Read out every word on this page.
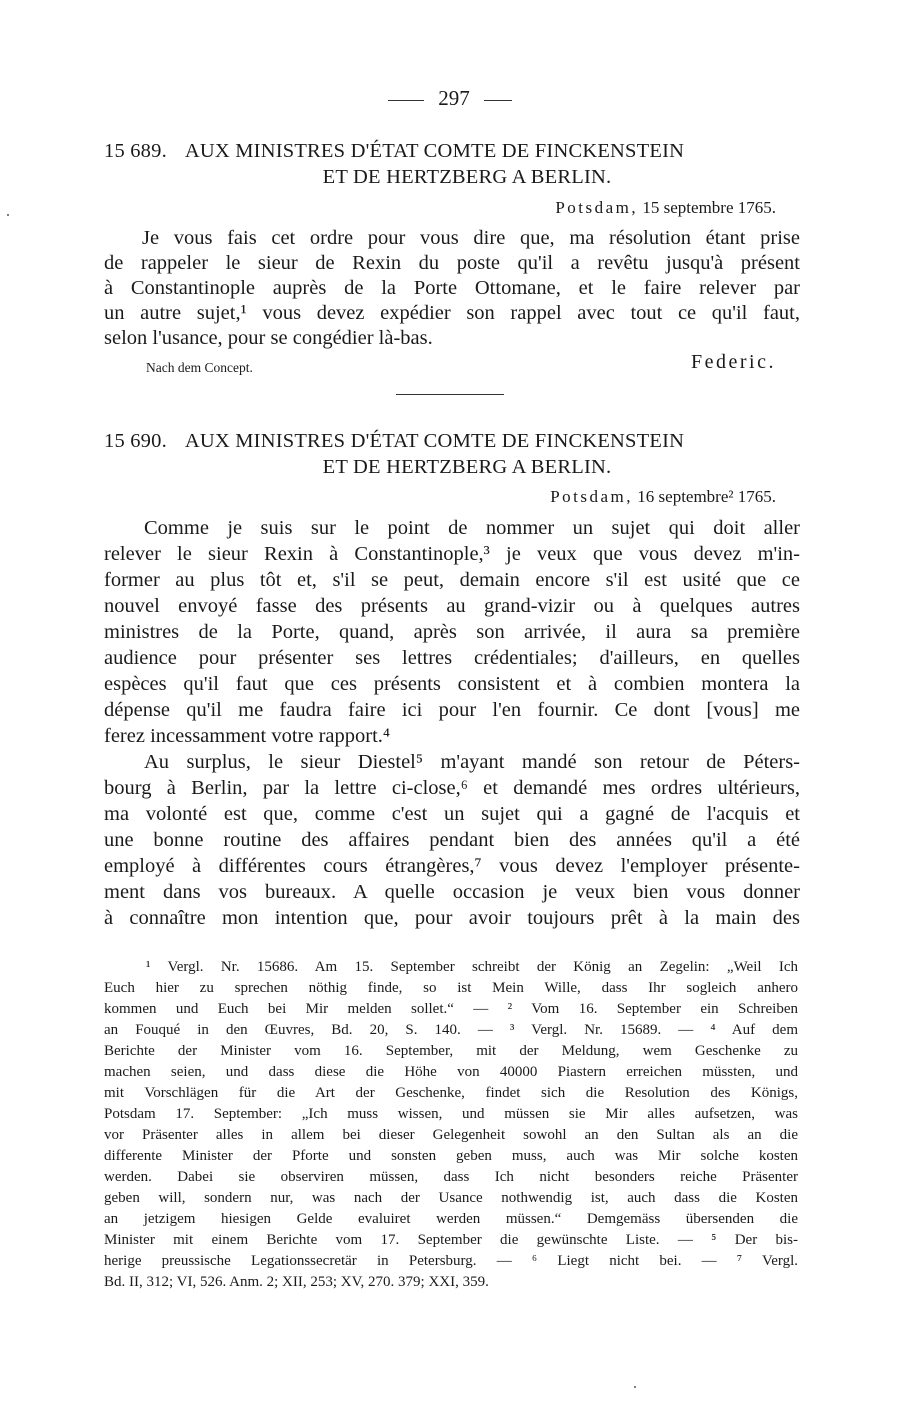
297
15 689. AUX MINISTRES D'ÉTAT COMTE DE FINCKENSTEIN
ET DE HERTZBERG A BERLIN.
Potsdam, 15 septembre 1765.
Je vous fais cet ordre pour vous dire que, ma résolution étant prise
de rappeler le sieur de Rexin du poste qu'il a revêtu jusqu'à présent
à Constantinople auprès de la Porte Ottomane, et le faire relever par
un autre sujet,¹ vous devez expédier son rappel avec tout ce qu'il faut,
selon l'usance, pour se congédier là-bas.
Nach dem Concept.	Federic.
15 690. AUX MINISTRES D'ÉTAT COMTE DE FINCKENSTEIN
ET DE HERTZBERG A BERLIN.
Potsdam, 16 septembre² 1765.
Comme je suis sur le point de nommer un sujet qui doit aller
relever le sieur Rexin à Constantinople,³ je veux que vous devez m'in-
former au plus tôt et, s'il se peut, demain encore s'il est usité que ce
nouvel envoyé fasse des présents au grand-vizir ou à quelques autres
ministres de la Porte, quand, après son arrivée, il aura sa première
audience pour présenter ses lettres crédentiales; d'ailleurs, en quelles
espèces qu'il faut que ces présents consistent et à combien montera la
dépense qu'il me faudra faire ici pour l'en fournir. Ce dont [vous] me
ferez incessamment votre rapport.⁴
Au surplus, le sieur Diestel⁵ m'ayant mandé son retour de Péters-
bourg à Berlin, par la lettre ci-close,⁶ et demandé mes ordres ultérieurs,
ma volonté est que, comme c'est un sujet qui a gagné de l'acquis et
une bonne routine des affaires pendant bien des années qu'il a été
employé à différentes cours étrangères,⁷ vous devez l'employer présente-
ment dans vos bureaux. A quelle occasion je veux bien vous donner
à connaître mon intention que, pour avoir toujours prêt à la main des
¹ Vergl. Nr. 15686. Am 15. September schreibt der König an Zegelin: „Weil Ich
Euch hier zu sprechen nöthig finde, so ist Mein Wille, dass Ihr sogleich anhero
kommen und Euch bei Mir melden sollet.“ — ² Vom 16. September ein Schreiben
an Fouqué in den Œuvres, Bd. 20, S. 140. — ³ Vergl. Nr. 15689. — ⁴ Auf dem
Berichte der Minister vom 16. September, mit der Meldung, wem Geschenke zu
machen seien, und dass diese die Höhe von 40000 Piastern erreichen müssten, und
mit Vorschlägen für die Art der Geschenke, findet sich die Resolution des Königs,
Potsdam 17. September: „Ich muss wissen, und müssen sie Mir alles aufsetzen, was
vor Präsenter alles in allem bei dieser Gelegenheit sowohl an den Sultan als an die
differente Minister der Pforte und sonsten geben muss, auch was Mir solche kosten
werden. Dabei sie observiren müssen, dass Ich nicht besonders reiche Präsenter
geben will, sondern nur, was nach der Usance nothwendig ist, auch dass die Kosten
an jetzigem hiesigen Gelde evaluiret werden müssen.“ Demgemäss übersenden die
Minister mit einem Berichte vom 17. September die gewünschte Liste. — ⁵ Der bis-
herige preussische Legationssecretär in Petersburg. — ⁶ Liegt nicht bei. — ⁷ Vergl.
Bd. II, 312; VI, 526. Anm. 2; XII, 253; XV, 270. 379; XXI, 359.
